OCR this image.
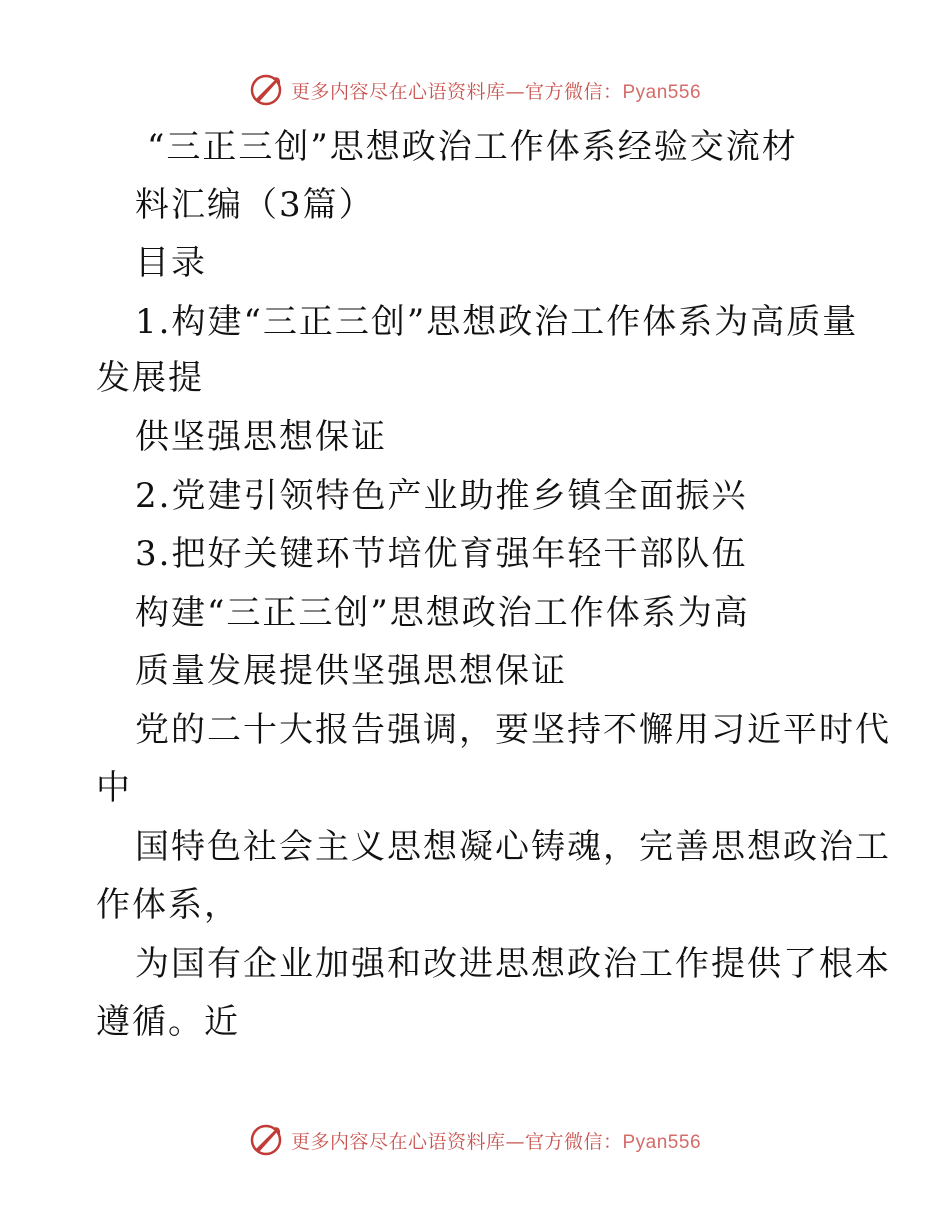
更多内容尽在心语资料库—官方微信：Pyan556
“三正三创”思想政治工作体系经验交流材
料汇编（3篇）
目录
1.构建“三正三创”思想政治工作体系为高质量
发展提
供坚强思想保证
2.党建引领特色产业助推乡镇全面振兴
3.把好关键环节培优育强年轻干部队伍
构建“三正三创”思想政治工作体系为高
质量发展提供坚强思想保证
党的二十大报告强调，要坚持不懈用习近平时代
中
国特色社会主义思想凝心铸魂，完善思想政治工
作体系，
为国有企业加强和改进思想政治工作提供了根本
遵循。近
更多内容尽在心语资料库—官方微信：Pyan556
